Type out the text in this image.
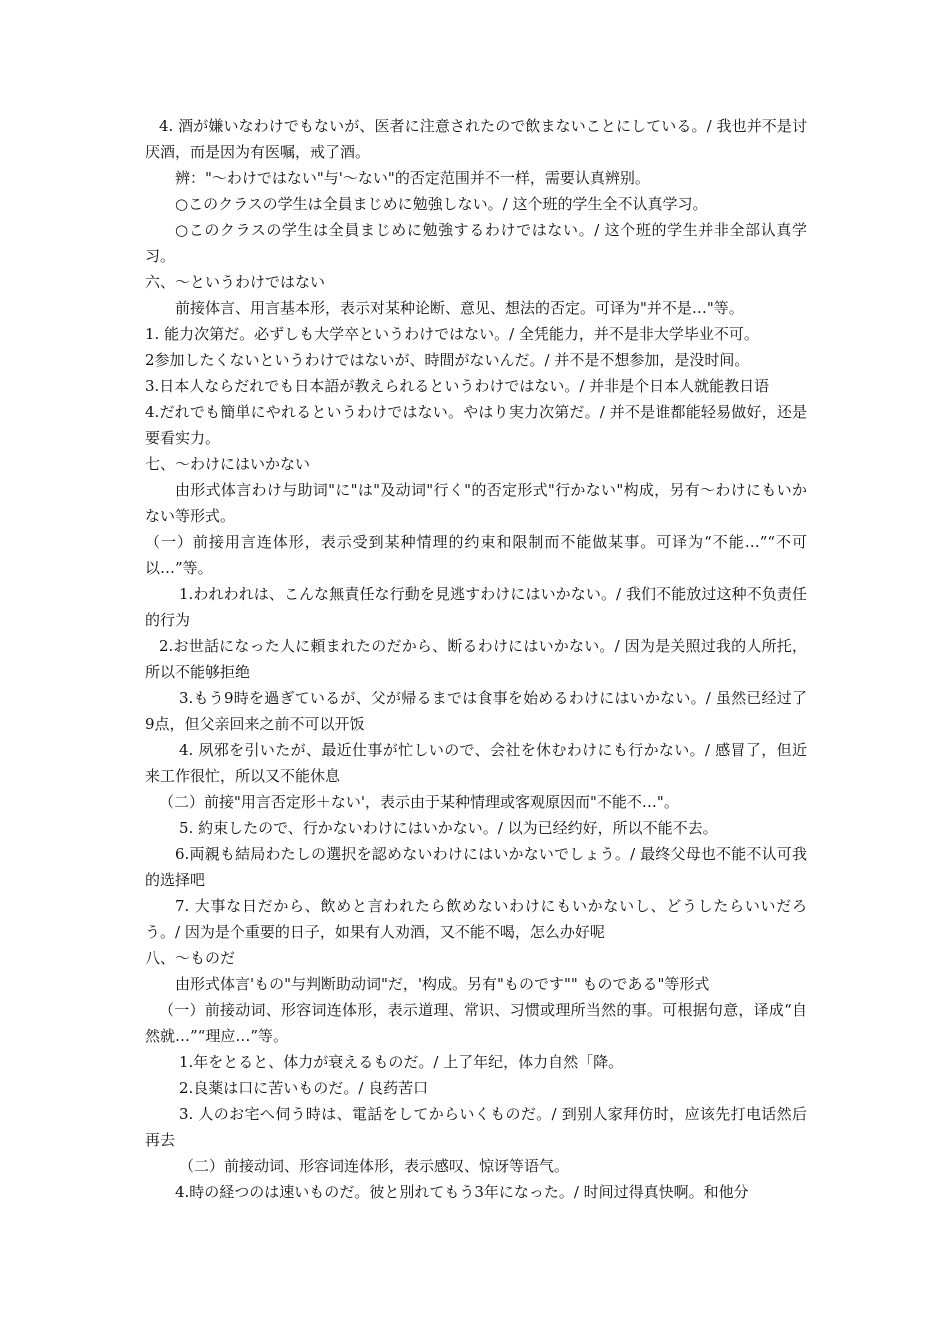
4. 酒が嫌いなわけでもないが、医者に注意されたので飲まないことにしている。/ 我也并不是讨厌酒，而是因为有医嘱，戒了酒。

辨："～わけではない"与'～ない"的否定范围并不一样，需要认真辨别。

○このクラスの学生は全員まじめに勉強しない。/ 这个班的学生全不认真学习。

○このクラスの学生は全員まじめに勉強するわけではない。/ 这个班的学生并非全部认真学习。

六、～というわけではない

前接体言、用言基本形，表示对某种论断、意见、想法的否定。可译为"并不是…"等。

1. 能力次第だ。必ずしも大学卒というわけではない。/ 全凭能力，并不是非大学毕业不可。

2参加したくないというわけではないが、時間がないんだ。/ 并不是不想参加，是没时间。

3.日本人ならだれでも日本語が教えられるというわけではない。/ 并非是个日本人就能教日语

4.だれでも簡単にやれるというわけではない。やはり実力次第だ。/ 并不是谁都能轻易做好，还是要看实力。

七、～わけにはいかない

由形式体言わけ与助词"に"は"及动词"行く"的否定形式"行かない"构成，另有～わけにもいかない等形式。

（一）前接用言连体形，表示受到某种情理的约束和限制而不能做某事。可译为“不能…”“不可以…”等。

1.われわれは、こんな無責任な行動を見逃すわけにはいかない。/ 我们不能放过这种不负责任的行为

2.お世話になった人に頼まれたのだから、断るわけにはいかない。/ 因为是关照过我的人所托，所以不能够拒绝

3.もう9時を過ぎているが、父が帰るまでは食事を始めるわけにはいかない。/ 虽然已经过了9点，但父亲回来之前不可以开饭

4. 夙邪を引いたが、最近仕事が忙しいので、会社を休むわけにも行かない。/ 感冒了，但近来工作很忙，所以又不能休息

（二）前接"用言否定形＋ない'，表示由于某种情理或客观原因而"不能不…"。

5. 約束したので、行かないわけにはいかない。/ 以为已经约好，所以不能不去。

6.両親も結局わたしの選択を認めないわけにはいかないでしょう。/ 最终父母也不能不认可我的选择吧

7. 大事な日だから、飲めと言われたら飲めないわけにもいかないし、どうしたらいいだろう。/ 因为是个重要的日子，如果有人劝酒，又不能不喝，怎么办好呢

八、～ものだ

由形式体言'もの"与判断助动词"だ，'构成。另有"ものです"" ものである"等形式

（一）前接动词、形容词连体形，表示道理、常识、习惯或理所当然的事。可根据句意，译成“自然就…”“理应…”等。

1.年をとると、体力が衰えるものだ。/ 上了年纪，体力自然「降。

2.良薬は口に苦いものだ。/ 良药苦口

3. 人のお宅へ伺う時は、電話をしてからいくものだ。/ 到别人家拜仿时，应该先打电话然后再去

（二）前接动词、形容词连体形，表示感叹、惊讶等语气。

4.時の経つのは速いものだ。彼と別れてもう3年になった。/ 时间过得真快啊。和他分
